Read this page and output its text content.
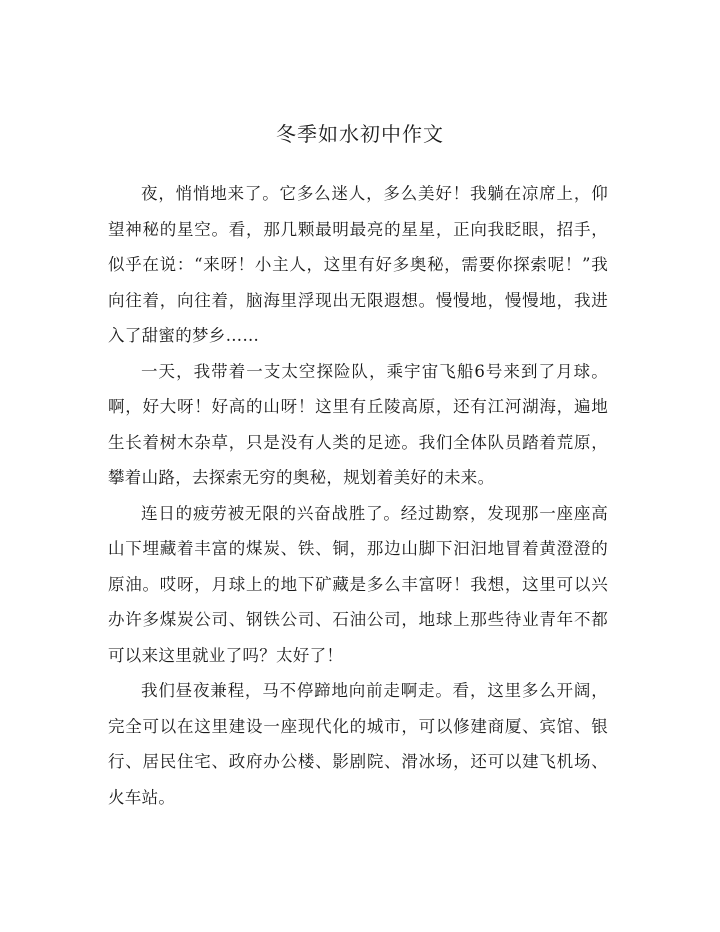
冬季如水初中作文

夜，悄悄地来了。它多么迷人，多么美好！我躺在凉席上，仰望神秘的星空。看，那几颗最明最亮的星星，正向我眨眼，招手，似乎在说：“来呀！小主人，这里有好多奥秘，需要你探索呢！”我向往着，向往着，脑海里浮现出无限遐想。慢慢地，慢慢地，我进入了甜蜜的梦乡……

一天，我带着一支太空探险队，乘宇宙飞船6号来到了月球。啊，好大呀！好高的山呀！这里有丘陵高原，还有江河湖海，遍地生长着树木杂草，只是没有人类的足迹。我们全体队员踏着荒原，攀着山路，去探索无穷的奥秘，规划着美好的未来。

连日的疲劳被无限的兴奋战胜了。经过勘察，发现那一座座高山下埋藏着丰富的煤炭、铁、铜，那边山脚下汩汩地冒着黄澄澄的原油。哎呀，月球上的地下矿藏是多么丰富呀！我想，这里可以兴办许多煤炭公司、钢铁公司、石油公司，地球上那些待业青年不都可以来这里就业了吗？太好了！

我们昼夜兼程，马不停蹄地向前走啊走。看，这里多么开阔，完全可以在这里建设一座现代化的城市，可以修建商厦、宾馆、银行、居民住宅、政府办公楼、影剧院、滑冰场，还可以建飞机场、火车站。
